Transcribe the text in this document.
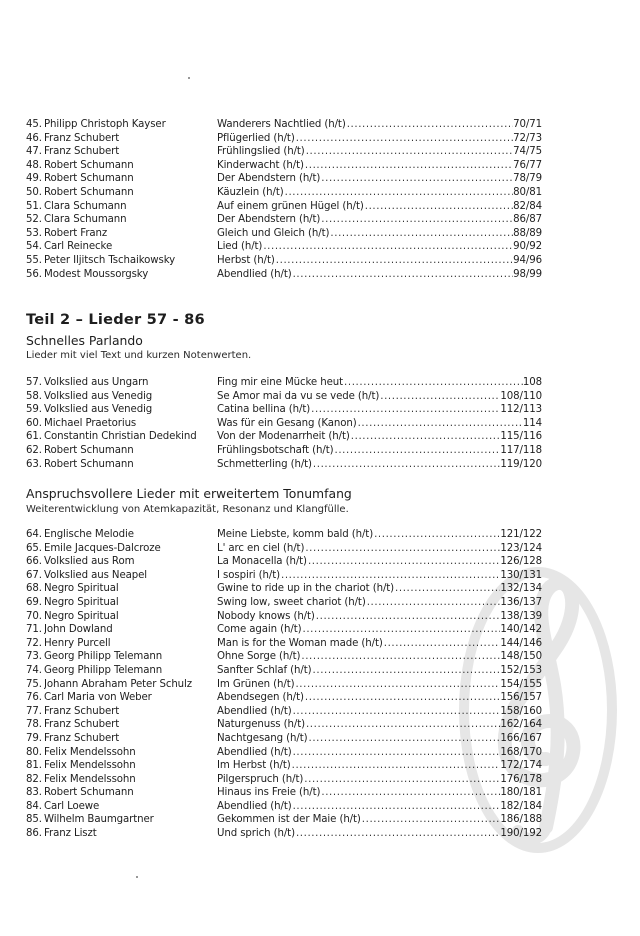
45. Philipp Christoph Kayser	Wanderers Nachtlied (h/t) .....	70/71
46. Franz Schubert	Pflügerlied (h/t) .....	72/73
47. Franz Schubert	Frühlingslied (h/t) .....	74/75
48. Robert Schumann	Kinderwacht (h/t) .....	76/77
49. Robert Schumann	Der Abendstern (h/t) .....	78/79
50. Robert Schumann	Käuzlein (h/t) .....	80/81
51. Clara Schumann	Auf einem grünen Hügel (h/t) .....	82/84
52. Clara Schumann	Der Abendstern (h/t) .....	86/87
53. Robert Franz	Gleich und Gleich (h/t) .....	88/89
54. Carl Reinecke	Lied (h/t) .....	90/92
55. Peter Iljitsch Tschaikowsky	Herbst (h/t) .....	94/96
56. Modest Moussorgsky	Abendlied (h/t) .....	98/99
Teil 2 – Lieder 57 - 86
Schnelles Parlando
Lieder mit viel Text und kurzen Notenwerten.
57. Volkslied aus Ungarn	Fing mir eine Mücke heut .....	108
58. Volkslied aus Venedig	Se Amor mai da vu se vede (h/t) .....	108/110
59. Volkslied aus Venedig	Catina bellina (h/t) .....	112/113
60. Michael Praetorius	Was für ein Gesang (Kanon) .....	114
61. Constantin Christian Dedekind	Von der Modenarrheit (h/t) .....	115/116
62. Robert Schumann	Frühlingsbotschaft (h/t) .....	117/118
63. Robert Schumann	Schmetterling (h/t) .....	119/120
Anspruchsvollere Lieder mit erweitertem Tonumfang
Weiterentwicklung von Atemkapazität, Resonanz und Klangfülle.
64. Englische Melodie	Meine Liebste, komm bald (h/t) .....	121/122
65. Emile Jacques-Dalcroze	L' arc en ciel (h/t) .....	123/124
66. Volkslied aus Rom	La Monacella (h/t) .....	126/128
67. Volkslied aus Neapel	I sospiri (h/t) .....	130/131
68. Negro Spiritual	Gwine to ride up in the chariot (h/t) .....	132/134
69. Negro Spiritual	Swing low, sweet chariot (h/t) .....	136/137
70. Negro Spiritual	Nobody knows (h/t) .....	138/139
71. John Dowland	Come again (h/t) .....	140/142
72. Henry Purcell	Man is for the Woman made (h/t) .....	144/146
73. Georg Philipp Telemann	Ohne Sorge (h/t) .....	148/150
74. Georg Philipp Telemann	Sanfter Schlaf (h/t) .....	152/153
75. Johann Abraham Peter Schulz	Im Grünen (h/t) .....	154/155
76. Carl Maria von Weber	Abendsegen (h/t) .....	156/157
77. Franz Schubert	Abendlied (h/t) .....	158/160
78. Franz Schubert	Naturgenuss (h/t) .....	162/164
79. Franz Schubert	Nachtgesang (h/t) .....	166/167
80. Felix Mendelssohn	Abendlied (h/t) .....	168/170
81. Felix Mendelssohn	Im Herbst (h/t) .....	172/174
82. Felix Mendelssohn	Pilgerspruch (h/t) .....	176/178
83. Robert Schumann	Hinaus ins Freie (h/t) .....	180/181
84. Carl Loewe	Abendlied (h/t) .....	182/184
85. Wilhelm Baumgartner	Gekommen ist der Maie (h/t) .....	186/188
86. Franz Liszt	Und sprich (h/t) .....	190/192
